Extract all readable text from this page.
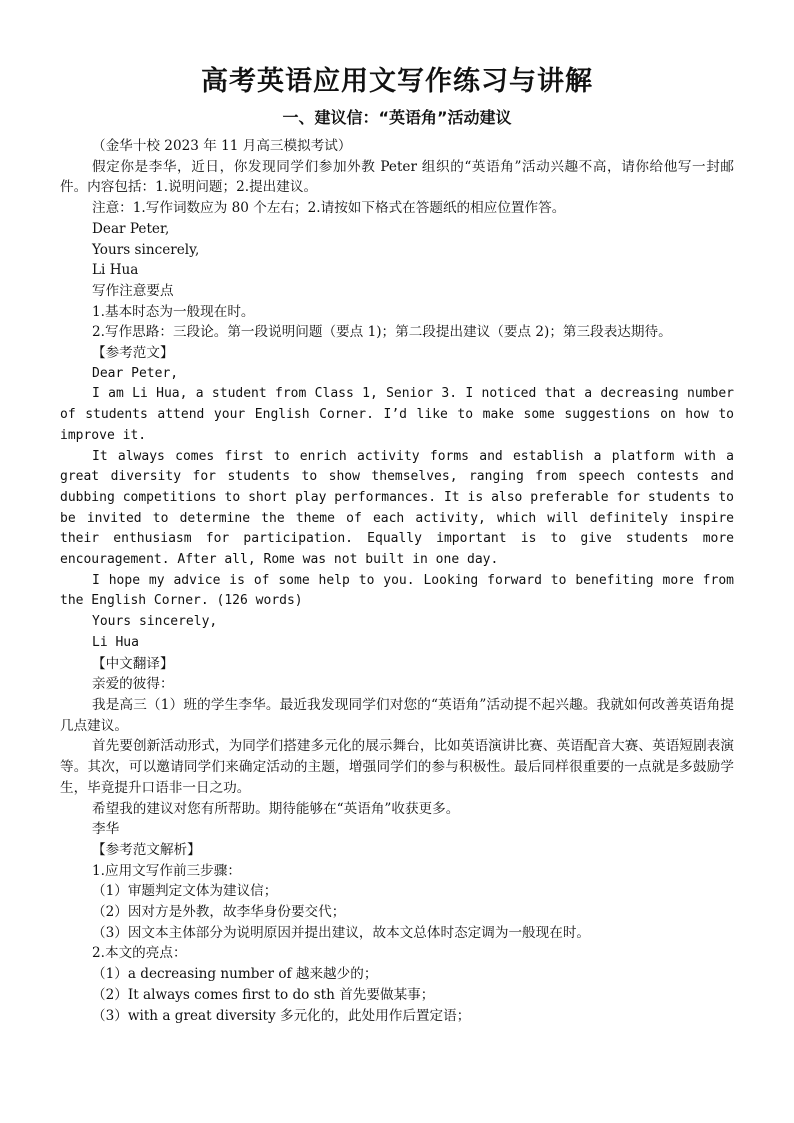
高考英语应用文写作练习与讲解
一、建议信：“英语角”活动建议

（金华十校 2023 年 11 月高三模拟考试）

假定你是李华，近日，你发现同学们参加外教 Peter 组织的“英语角”活动兴趣不高，请你给他写一封邮件。内容包括：1.说明问题；2.提出建议。

注意：1.写作词数应为 80 个左右；2.请按如下格式在答题纸的相应位置作答。

Dear Peter,

Yours sincerely,

Li Hua

写作注意要点

1.基本时态为一般现在时。

2.写作思路：三段论。第一段说明问题（要点 1)；第二段提出建议（要点 2)；第三段表达期待。

【参考范文】

Dear Peter,

I am Li Hua, a student from Class 1, Senior 3. I noticed that a decreasing number of students attend your English Corner. I’d like to make some suggestions on how to improve it.

It always comes first to enrich activity forms and establish a platform with a great diversity for students to show themselves, ranging from speech contests and dubbing competitions to short play performances. It is also preferable for students to be invited to determine the theme of each activity, which will definitely inspire their enthusiasm for participation. Equally important is to give students more encouragement. After all, Rome was not built in one day.

I hope my advice is of some help to you. Looking forward to benefiting more from the English Corner. (126 words)

Yours sincerely,

Li Hua

【中文翻译】

亲爱的彼得：

我是高三（1）班的学生李华。最近我发现同学们对您的“英语角”活动提不起兴趣。我就如何改善英语角提几点建议。

首先要创新活动形式，为同学们搭建多元化的展示舞台，比如英语演讲比赛、英语配音大赛、英语短剧表演等。其次，可以邀请同学们来确定活动的主题，增强同学们的参与积极性。最后同样很重要的一点就是多鼓励学生，毕竟提升口语非一日之功。

希望我的建议对您有所帮助。期待能够在“英语角”收获更多。

李华

【参考范文解析】

1.应用文写作前三步骤：

（1）审题判定文体为建议信；

（2）因对方是外教，故李华身份要交代；

（3）因文本主体部分为说明原因并提出建议，故本文总体时态定调为一般现在时。

2.本文的亮点：

（1）a decreasing number of 越来越少的；

（2）It always comes first to do sth 首先要做某事；

（3）with a great diversity 多元化的，此处用作后置定语；
